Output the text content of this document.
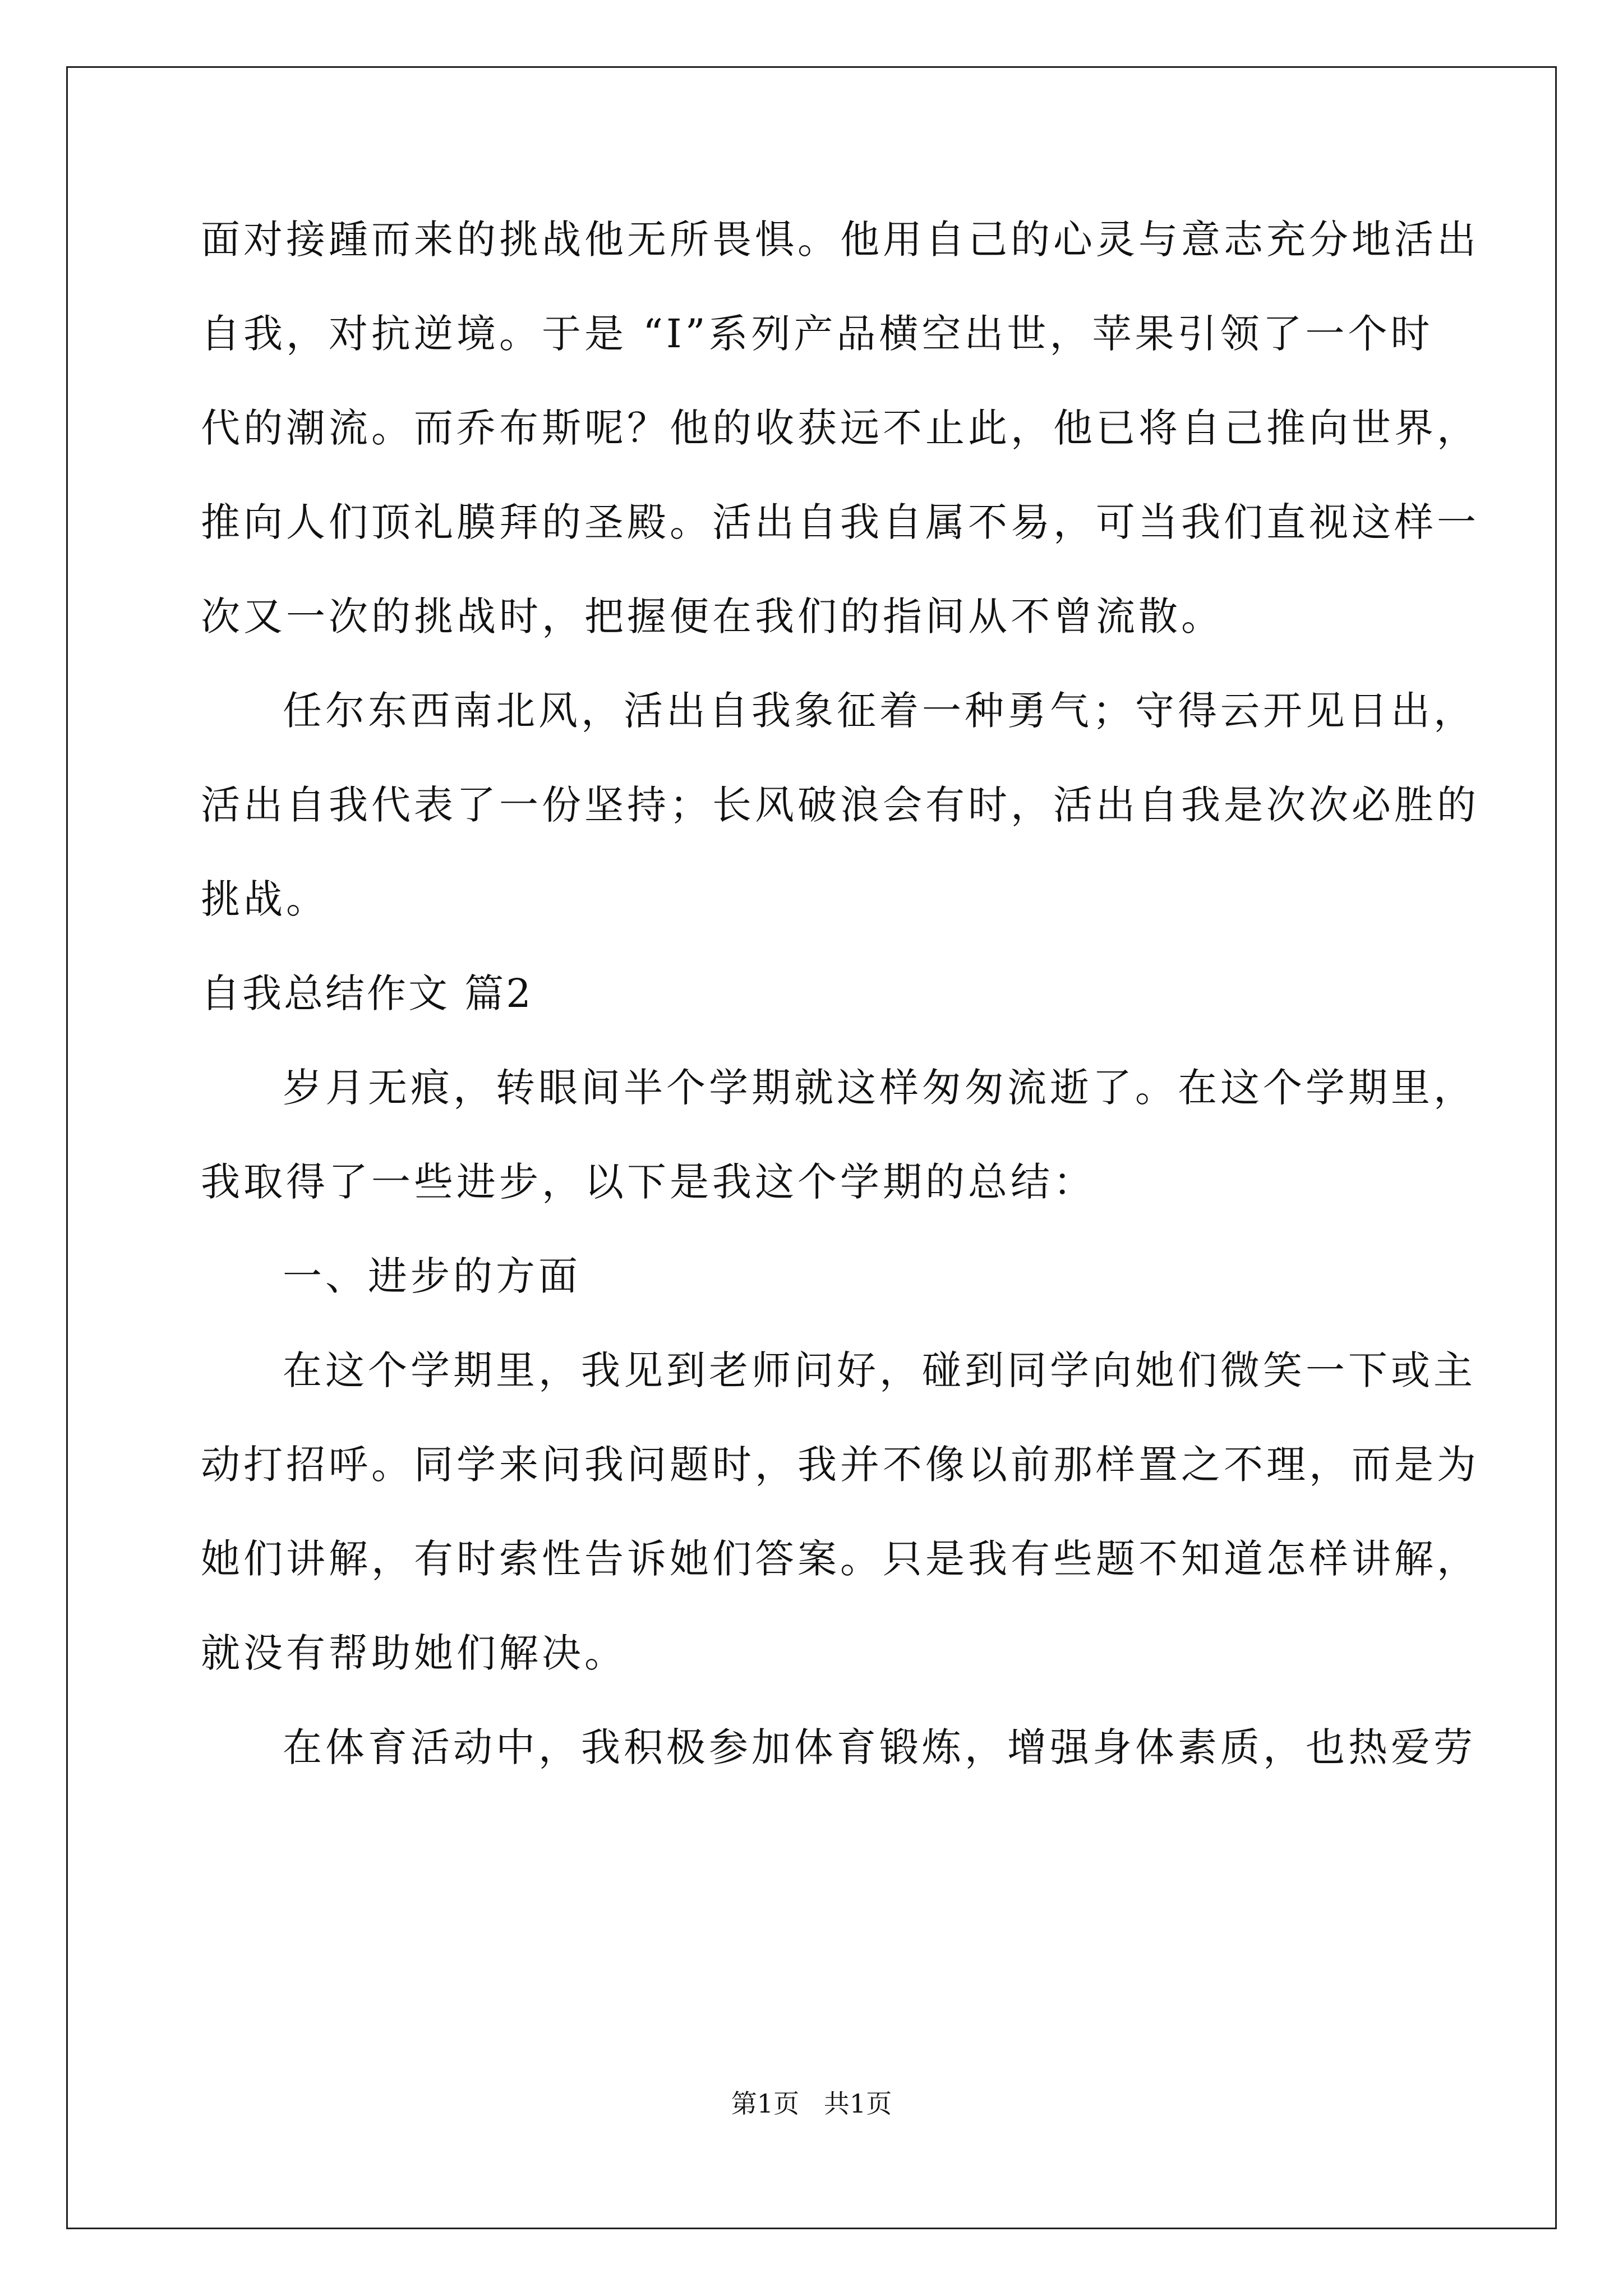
面对接踵而来的挑战他无所畏惧。他用自己的心灵与意志充分地活出
自我，对抗逆境。于是 “I”系列产品横空出世，苹果引领了一个时
代的潮流。而乔布斯呢？他的收获远不止此，他已将自己推向世界，
推向人们顶礼膜拜的圣殿。活出自我自属不易，可当我们直视这样一
次又一次的挑战时，把握便在我们的指间从不曾流散。
任尔东西南北风，活出自我象征着一种勇气；守得云开见日出，
活出自我代表了一份坚持；长风破浪会有时，活出自我是次次必胜的
挑战。
自我总结作文 篇2
岁月无痕，转眼间半个学期就这样匆匆流逝了。在这个学期里，
我取得了一些进步，以下是我这个学期的总结：
一、进步的方面
在这个学期里，我见到老师问好，碰到同学向她们微笑一下或主
动打招呼。同学来问我问题时，我并不像以前那样置之不理，而是为
她们讲解，有时索性告诉她们答案。只是我有些题不知道怎样讲解，
就没有帮助她们解决。
在体育活动中，我积极参加体育锻炼，增强身体素质，也热爱劳
第1页   共1页
